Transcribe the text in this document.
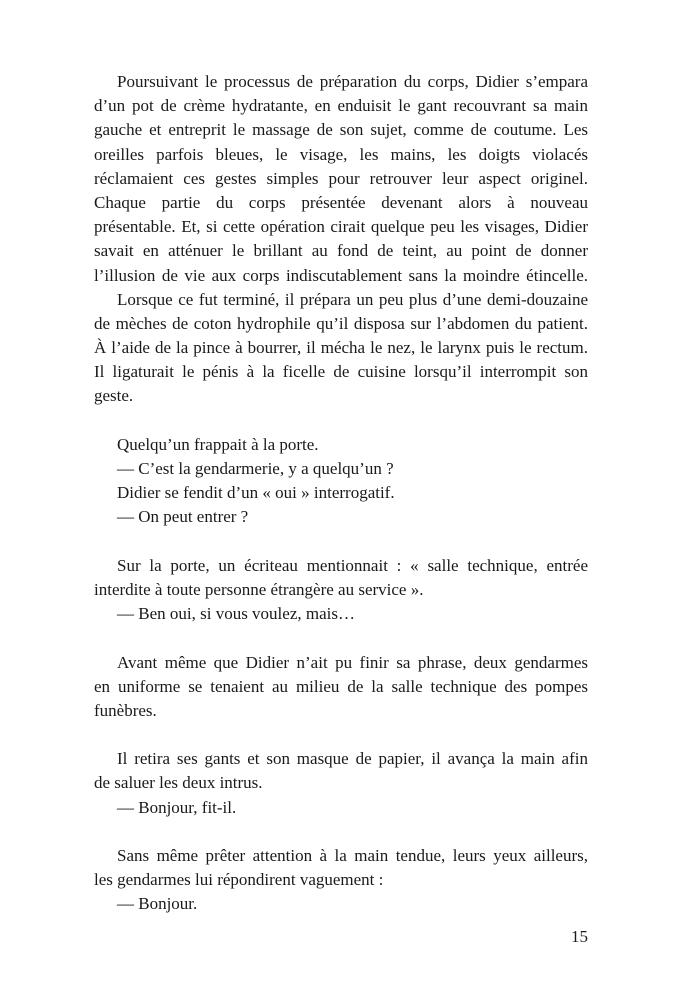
Poursuivant le processus de préparation du corps, Didier s’empara
d’un pot de crème hydratante, en enduisit le gant recouvrant sa main
gauche et entreprit le massage de son sujet, comme de coutume. Les
oreilles parfois bleues, le visage, les mains, les doigts violacés
réclamaient ces gestes simples pour retrouver leur aspect originel.
Chaque partie du corps présentée devenant alors à nouveau
présentable. Et, si cette opération cirait quelque peu les visages, Didier
savait en atténuer le brillant au fond de teint, au point de donner
l’illusion de vie aux corps indiscutablement sans la moindre étincelle.
Lorsque ce fut terminé, il prépara un peu plus d’une demi-douzaine
de mèches de coton hydrophile qu’il disposa sur l’abdomen du patient.
À l’aide de la pince à bourrer, il mécha le nez, le larynx puis le rectum.
Il ligaturait le pénis à la ficelle de cuisine lorsqu’il interrompit son
geste.
Quelqu’un frappait à la porte.
— C’est la gendarmerie, y a quelqu’un ?
Didier se fendit d’un « oui » interrogatif.
— On peut entrer ?
Sur la porte, un écriteau mentionnait : « salle technique, entrée
interdite à toute personne étrangère au service ».
— Ben oui, si vous voulez, mais…
Avant même que Didier n’ait pu finir sa phrase, deux gendarmes
en uniforme se tenaient au milieu de la salle technique des pompes
funèbres.
Il retira ses gants et son masque de papier, il avança la main afin
de saluer les deux intrus.
— Bonjour, fit-il.
Sans même prêter attention à la main tendue, leurs yeux ailleurs,
les gendarmes lui répondirent vaguement :
— Bonjour.
15
